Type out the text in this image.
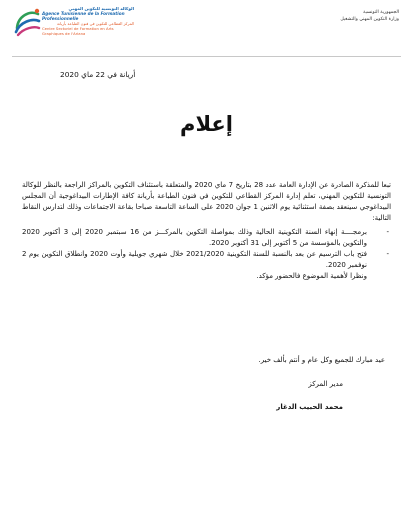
الوكالة التونسية للتكوين المهني
Agence Tunisienne de la Formation Professionnelle
المركز القطاعي للتكوين في فنون الطباعة بأريانة
Centre Sectoriel de Formation en Arts Graphiques de l'Ariana
الجمهورية التونسية
وزارة التكوين المهني والتشغيل
أريانة في 22 ماي 2020
إعلام

تبعا للمذكرة الصادرة عن الإدارة العامة عدد 28 بتاريخ 7 ماي 2020 والمتعلقة باستئناف التكوين بالمراكز الراجعة بالنظر للوكالة التونسية للتكوين المهني، تعلم إدارة المركز القطاعي للتكوين في فنون الطباعة بأريانة كافة الإطارات البيداغوجية أن المجلس البيداغوجي سينعقد بصفة استثنائية يوم الاثنين 1 جوان 2020 على الساعة التاسعة صباحا بقاعة الاجتماعات وذلك لتدارس النقاط التالية:

-
برمجــــة إنهاء السنة التكوينية الحالية وذلك بمواصلة التكوين بالمركـــز من 16 سبتمبر 2020 إلى 3 أكتوبر 2020 والتكوين بالمؤسسة من 5 أكتوبر إلى 31 أكتوبر 2020.
-
فتح باب الترسيم عن بعد بالنسبة للسنة التكوينية 2021/2020 خلال شهري جويلية وأوت 2020 وانطلاق التكوين يوم 2 نوفمبر 2020.
ونظرا لأهمية الموضوع فالحضور مؤكد.
عيد مبارك للجميع وكل عام و أنتم بألف خير.
مدير المركز
محمد الحبيب الدغار
